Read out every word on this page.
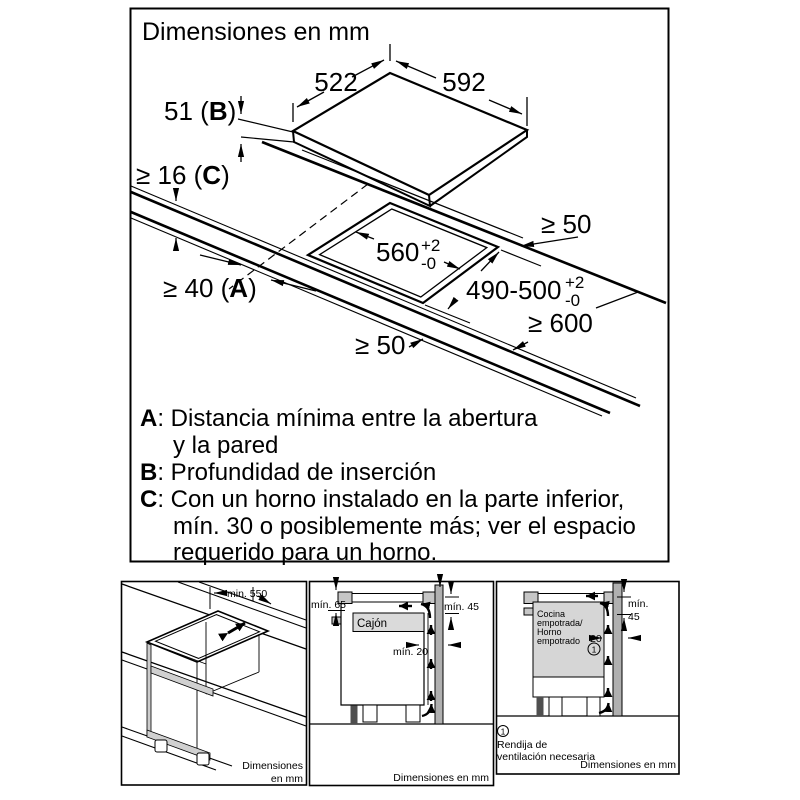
Dimensiones en mm
522	592
51 (B)
≥ 16 (C)
≥ 40 (A)
560 +2
-0
490-500 +2
-0
≥ 50
≥ 600
≥ 50
A: Distancia mínima entre la abertura
y la pared
B: Profundidad de inserción
C: Con un horno instalado en la parte inferior,
mín. 30 o posiblemente más; ver el espacio
requerido para un horno.
min. 550
Dimensiones
en mm
Cajón
mín. 65	mín. 45
mín. 20
Dimensiones en mm
Cocina
empotrada/
Horno
empotrado
mín.
45
20
1
1
Rendija de
ventilación necesaria
Dimensiones en mm
